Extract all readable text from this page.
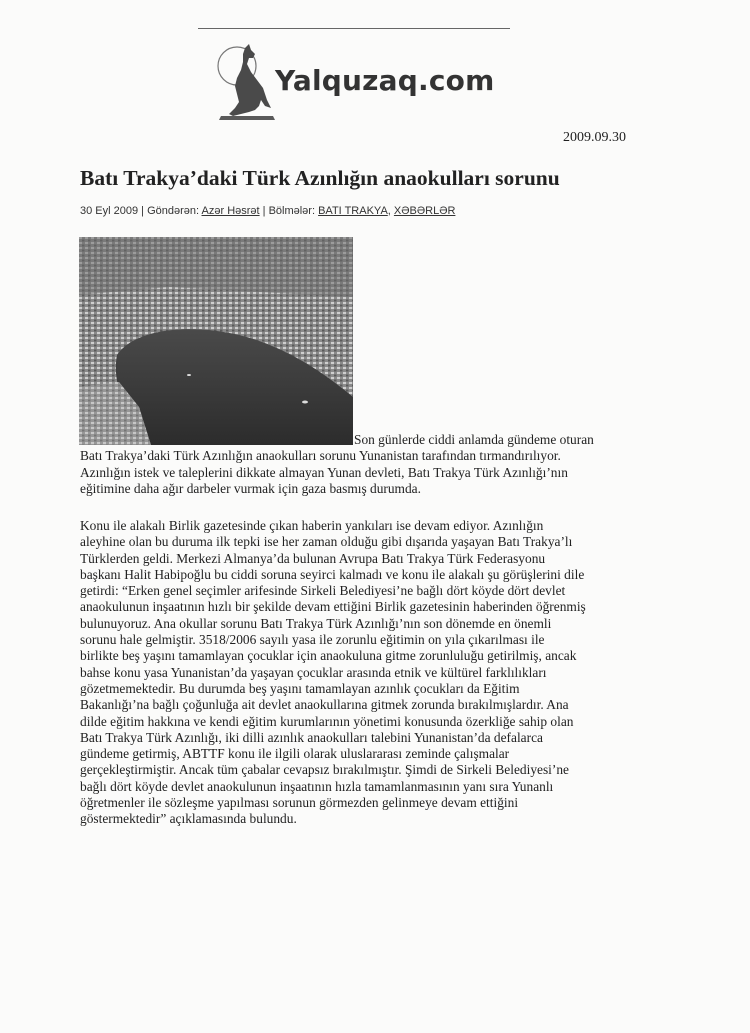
Yalquzaq.com
2009.09.30
Batı Trakya’daki Türk Azınlığın anaokulları sorunu
30 Eyl 2009 | Göndərən: Azər Həsrət | Bölmələr: BATI TRAKYA, XƏBƏRLƏR
Son günlerde ciddi anlamda gündeme oturan
Batı Trakya’daki Türk Azınlığın anaokulları sorunu Yunanistan tarafından tırmandırılıyor.
Azınlığın istek ve taleplerini dikkate almayan Yunan devleti, Batı Trakya Türk Azınlığı’nın
eğitimine daha ağır darbeler vurmak için gaza basmış durumda.
Konu ile alakalı Birlik gazetesinde çıkan haberin yankıları ise devam ediyor. Azınlığın
aleyhine olan bu duruma ilk tepki ise her zaman olduğu gibi dışarıda yaşayan Batı Trakya’lı
Türklerden geldi. Merkezi Almanya’da bulunan Avrupa Batı Trakya Türk Federasyonu
başkanı Halit Habipoğlu bu ciddi soruna seyirci kalmadı ve konu ile alakalı şu görüşlerini dile
getirdi: “Erken genel seçimler arifesinde Sirkeli Belediyesi’ne bağlı dört köyde dört devlet
anaokulunun inşaatının hızlı bir şekilde devam ettiğini Birlik gazetesinin haberinden öğrenmiş
bulunuyoruz. Ana okullar sorunu Batı Trakya Türk Azınlığı’nın son dönemde en önemli
sorunu hale gelmiştir. 3518/2006 sayılı yasa ile zorunlu eğitimin on yıla çıkarılması ile
birlikte beş yaşını tamamlayan çocuklar için anaokuluna gitme zorunluluğu getirilmiş, ancak
bahse konu yasa Yunanistan’da yaşayan çocuklar arasında etnik ve kültürel farklılıkları
gözetmemektedir. Bu durumda beş yaşını tamamlayan azınlık çocukları da Eğitim
Bakanlığı’na bağlı çoğunluğa ait devlet anaokullarına gitmek zorunda bırakılmışlardır. Ana
dilde eğitim hakkına ve kendi eğitim kurumlarının yönetimi konusunda özerkliğe sahip olan
Batı Trakya Türk Azınlığı, iki dilli azınlık anaokulları talebini Yunanistan’da defalarca
gündeme getirmiş, ABTTF konu ile ilgili olarak uluslararası zeminde çalışmalar
gerçekleştirmiştir. Ancak tüm çabalar cevapsız bırakılmıştır. Şimdi de Sirkeli Belediyesi’ne
bağlı dört köyde devlet anaokulunun inşaatının hızla tamamlanmasının yanı sıra Yunanlı
öğretmenler ile sözleşme yapılması sorunun görmezden gelinmeye devam ettiğini
göstermektedir” açıklamasında bulundu.
